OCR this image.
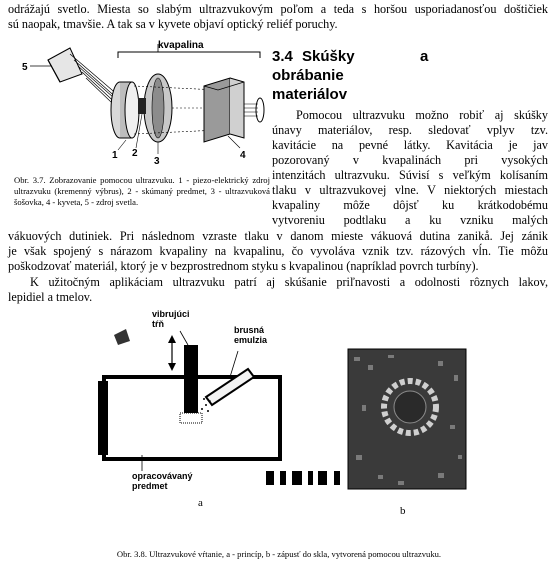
odrážajú svetlo. Miesta so slabým ultrazvukovým poľom a teda s horšou usporiadanosťou doštičiek

sú naopak, tmavšie. A tak sa v kyvete objaví optický reliéf poruchy.

kvapalina
5
1 2
3
4

Obr. 3.7. Zobrazovanie pomocou ultrazvuku. 1 - piezo-elektrický zdroj ultrazvuku (kremenný výbrus), 2 - skúmaný predmet, 3 - ultrazvuková šošovka, 4 - kyveta, 5 - zdroj svetla.

3.4 Skúšky	aobrábanie
materiálov

Pomocou ultrazvuku možno robiť aj skúšky

únavy materiálov, resp. sledovať vplyv tzv.

kavitácie na pevné látky. Kavitácia je jav

pozorovaný v kvapalinách pri vysokých

intenzitách ultrazvuku. Súvisí s veľkým kolísaním

tlaku v ultrazvukovej vlne. V niektorých miestach

kvapaliny môže dôjsť ku krátkodobému

vytvoreniu podtlaku a ku vzniku malých

vákuových dutiniek. Pri následnom vzraste tlaku v danom mieste vákuová dutina zanikå. Jej zánik

je však spojený s nárazom kvapaliny na kvapalinu, čo vyvoláva vznik tzv. rázových vĺn. Tie môžu

poškodzovať materiál, ktorý je v bezprostrednom styku s kvapalinou (napríklad povrch turbíny).

K užitočným aplikáciam ultrazvuku patrí aj skúšanie priľnavosti a odolnosti rôznych lakov,

lepidiel a tmelov.

vibrujúci
tŕň
brusná
emulzia
opracovávaný
predmet
a
b

Obr. 3.8. Ultrazvukové vŕtanie, a - princíp, b - zápusť do skla, vytvorená pomocou ultrazvuku.
